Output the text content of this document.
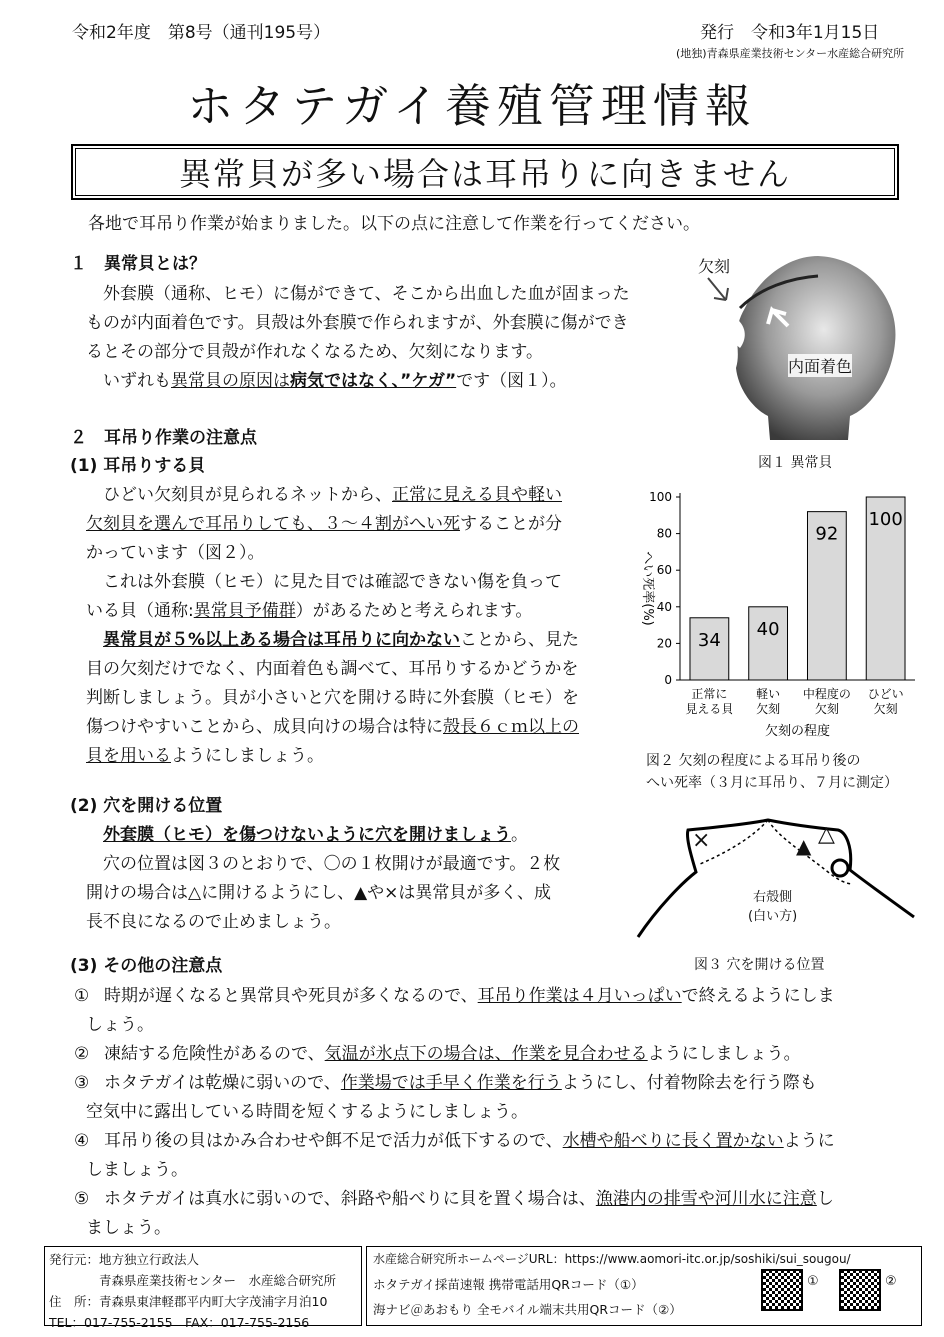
令和2年度　第8号（通刊195号）	発行　令和3年1月15日
(地独)青森県産業技術センター水産総合研究所
ホタテガイ養殖管理情報
異常貝が多い場合は耳吊りに向きません
各地で耳吊り作業が始まりました。以下の点に注意して作業を行ってください。
１　異常貝とは？
　外套膜（通称、ヒモ）に傷ができて、そこから出血した血が固まった
ものが内面着色です。貝殻は外套膜で作られますが、外套膜に傷ができ
るとその部分で貝殻が作れなくなるため、欠刻になります。
　いずれも異常貝の原因は病気ではなく、”ケガ”です（図１）。
欠刻
内面着色
図１ 異常貝
２　耳吊り作業の注意点
(1) 耳吊りする貝
　ひどい欠刻貝が見られるネットから、正常に見える貝や軽い
欠刻貝を選んで耳吊りしても、３～４割がへい死することが分
かっています（図２）。
　これは外套膜（ヒモ）に見た目では確認できない傷を負って
いる貝（通称:異常貝予備群）があるためと考えられます。
　異常貝が５%以上ある場合は耳吊りに向かないことから、見た
目の欠刻だけでなく、内面着色も調べて、耳吊りするかどうかを
判断しましょう。貝が小さいと穴を開ける時に外套膜（ヒモ）を
傷つけやすいことから、成貝向けの場合は特に殻長６ｃｍ以上の
貝を用いるようにしましょう。
0
20
40
60
80
100
34
正常に
見える貝
40
軽い
欠刻
92
中程度の
欠刻
100
ひどい
欠刻
欠刻の程度
へい死率(%)
図２ 欠刻の程度による耳吊り後の
へい死率（３月に耳吊り、７月に測定）
(2) 穴を開ける位置
　外套膜（ヒモ）を傷つけないように穴を開けましょう。
　穴の位置は図３のとおりで、〇の１枚開けが最適です。２枚
開けの場合は△に開けるようにし、▲や×は異常貝が多く、成
長不良になるので止めましょう。
×	△
▲
右殻側
(白い方)
図３ 穴を開ける位置
(3) その他の注意点
① 時期が遅くなると異常貝や死貝が多くなるので、耳吊り作業は４月いっぱいで終えるようにしま
しょう。
② 凍結する危険性があるので、気温が氷点下の場合は、作業を見合わせるようにしましょう。
③ ホタテガイは乾燥に弱いので、作業場では手早く作業を行うようにし、付着物除去を行う際も
空気中に露出している時間を短くするようにしましょう。
④ 耳吊り後の貝はかみ合わせや餌不足で活力が低下するので、水槽や船べりに長く置かないように
しましょう。
⑤ ホタテガイは真水に弱いので、斜路や船べりに貝を置く場合は、漁港内の排雪や河川水に注意し
ましょう。
発行元：地方独立行政法人
　　　　青森県産業技術センター　水産総合研究所
住　所：青森県東津軽郡平内町大字茂浦字月泊10
TEL：017-755-2155　FAX：017-755-2156
水産総合研究所ホームページURL：https://www.aomori-itc.or.jp/soshiki/sui_sougou/
ホタテガイ採苗速報 携帯電話用QRコード（①）
海ナビ＠あおもり 全モバイル端末共用QRコード（②）
①	②
